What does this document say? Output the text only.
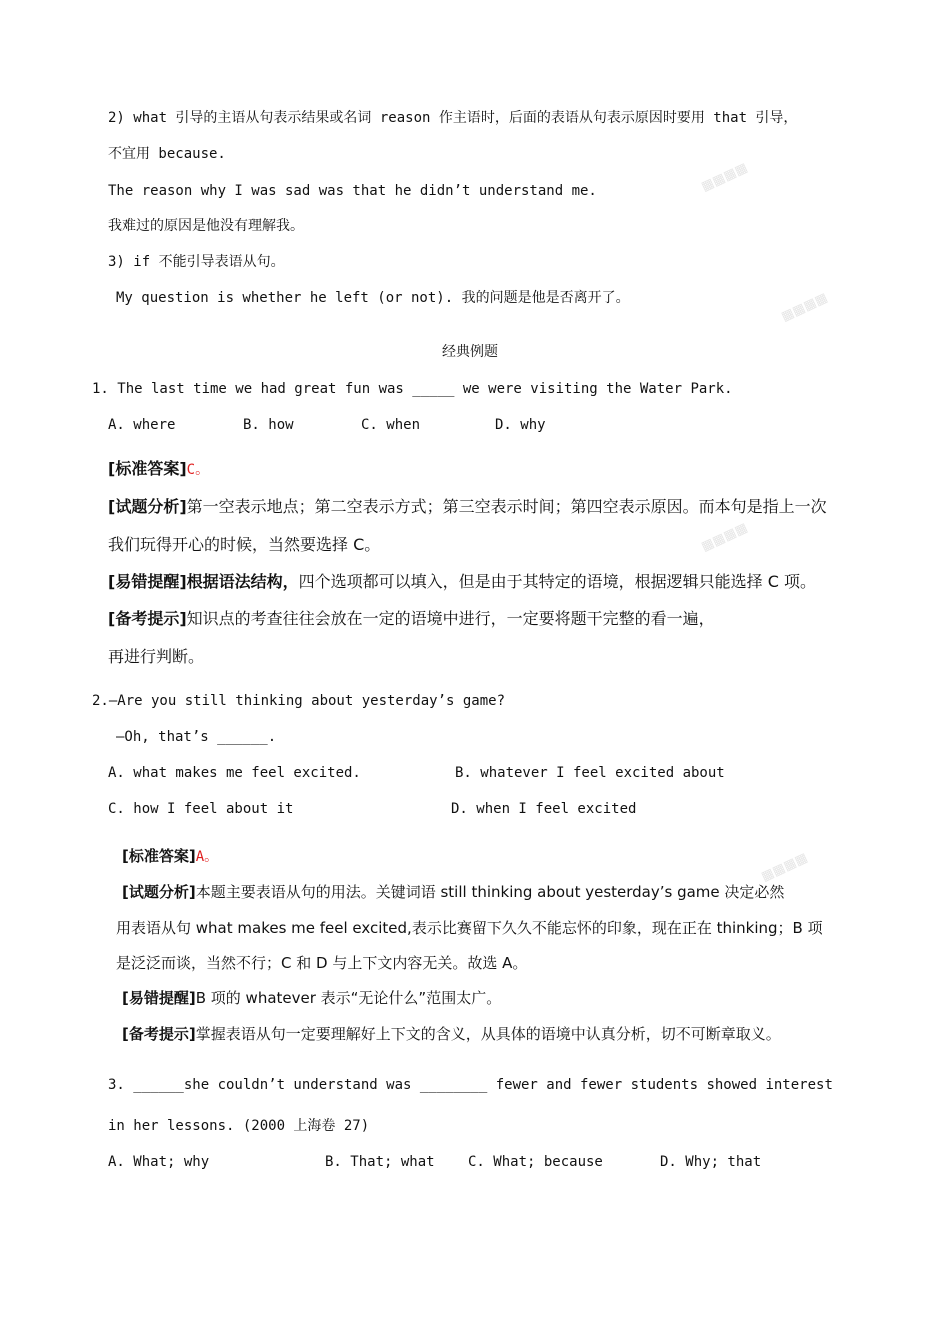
▦▦▦▦
▦▦▦▦
▦▦▦▦
▦▦▦▦
2) what 引导的主语从句表示结果或名词 reason 作主语时，后面的表语从句表示原因时要用 that 引导，
不宜用 because.
The reason why I was sad was that he didn’t understand me.
我难过的原因是他没有理解我。
3) if 不能引导表语从句。
My question is whether he left (or not). 我的问题是他是否离开了。
经典例题
1. The last time we had great fun was _____ we were visiting the Water Park.
A. where	B. how	C. when	D. why
[标准答案]C。
[试题分析]第一空表示地点；第二空表示方式；第三空表示时间；第四空表示原因。而本句是指上一次
我们玩得开心的时候，当然要选择 C。
[易错提醒]根据语法结构，四个选项都可以填入，但是由于其特定的语境，根据逻辑只能选择 C 项。
[备考提示]知识点的考查往往会放在一定的语境中进行，一定要将题干完整的看一遍，
再进行判断。
2.—Are you still thinking about yesterday’s game?
—Oh, that’s ______.
A. what makes me feel excited.	B. whatever I feel excited about
C. how I feel about it	D. when I feel excited
[标准答案]A。
[试题分析]本题主要表语从句的用法。关键词语 still thinking about yesterday’s game 决定必然
用表语从句 what makes me feel excited,表示比赛留下久久不能忘怀的印象，现在正在 thinking；B 项
是泛泛而谈，当然不行；C 和 D 与上下文内容无关。故选 A。
[易错提醒]B 项的 whatever 表示“无论什么”范围太广。
[备考提示]掌握表语从句一定要理解好上下文的含义，从具体的语境中认真分析，切不可断章取义。
3. ______she couldn’t understand was ________ fewer and fewer students showed interest
in her lessons. (2000 上海卷 27)
A. What; why	B. That; what C. What; because	D. Why; that
